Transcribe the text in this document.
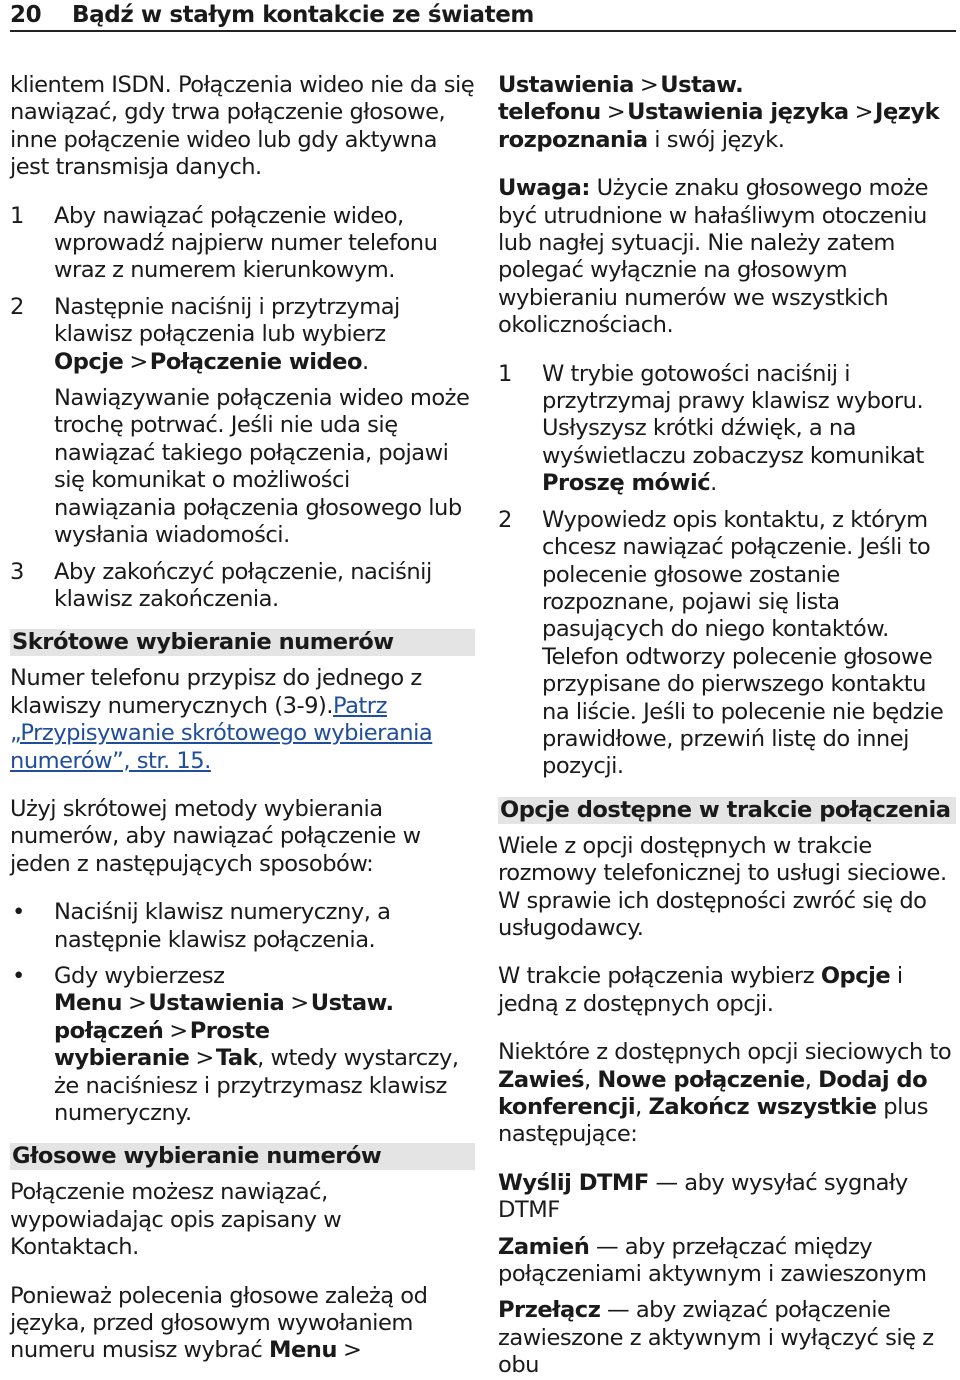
20 Bądź w stałym kontakcie ze światem

klientem ISDN. Połączenia wideo nie da się nawiązać, gdy trwa połączenie głosowe, inne połączenie wideo lub gdy aktywna jest transmisja danych.

1 Aby nawiązać połączenie wideo, wprowadź najpierw numer telefonu wraz z numerem kierunkowym.
2 Następnie naciśnij i przytrzymaj klawisz połączenia lub wybierz Opcje >Połączenie wideo.

Nawiązywanie połączenia wideo może trochę potrwać. Jeśli nie uda się nawiązać takiego połączenia, pojawi się komunikat o możliwości nawiązania połączenia głosowego lub wysłania wiadomości.

3 Aby zakończyć połączenie, naciśnij klawisz zakończenia.
Skrótowe wybieranie numerów

Numer telefonu przypisz do jednego z klawiszy numerycznych (3-9).Patrz „Przypisywanie skrótowego wybierania numerów”, str. 15.

Użyj skrótowej metody wybierania numerów, aby nawiązać połączenie w jeden z następujących sposobów:

• Naciśnij klawisz numeryczny, a następnie klawisz połączenia.
• Gdy wybierzesz Menu >Ustawienia >Ustaw. połączeń >Proste wybieranie >Tak, wtedy wystarczy, że naciśniesz i przytrzymasz klawisz numeryczny.
Głosowe wybieranie numerów

Połączenie możesz nawiązać, wypowiadając opis zapisany w Kontaktach.

Ponieważ polecenia głosowe zależą od języka, przed głosowym wywołaniem numeru musisz wybrać Menu >

Ustawienia >Ustaw. telefonu >Ustawienia języka >Język rozpoznania i swój język.

Uwaga: Użycie znaku głosowego może być utrudnione w hałaśliwym otoczeniu lub nagłej sytuacji. Nie należy zatem polegać wyłącznie na głosowym wybieraniu numerów we wszystkich okolicznościach.

1 W trybie gotowości naciśnij i przytrzymaj prawy klawisz wyboru. Usłyszysz krótki dźwięk, a na wyświetlaczu zobaczysz komunikat Proszę mówić.
2 Wypowiedz opis kontaktu, z którym chcesz nawiązać połączenie. Jeśli to polecenie głosowe zostanie rozpoznane, pojawi się lista pasujących do niego kontaktów. Telefon odtworzy polecenie głosowe przypisane do pierwszego kontaktu na liście. Jeśli to polecenie nie będzie prawidłowe, przewiń listę do innej pozycji.
Opcje dostępne w trakcie połączenia

Wiele z opcji dostępnych w trakcie rozmowy telefonicznej to usługi sieciowe. W sprawie ich dostępności zwróć się do usługodawcy.

W trakcie połączenia wybierz Opcje i jedną z dostępnych opcji.

Niektóre z dostępnych opcji sieciowych to Zawieś, Nowe połączenie, Dodaj do konferencji, Zakończ wszystkie plus następujące:

Wyślij DTMF — aby wysyłać sygnały DTMF

Zamień — aby przełączać między połączeniami aktywnym i zawieszonym

Przełącz — aby związać połączenie zawieszone z aktywnym i wyłączyć się z obu
